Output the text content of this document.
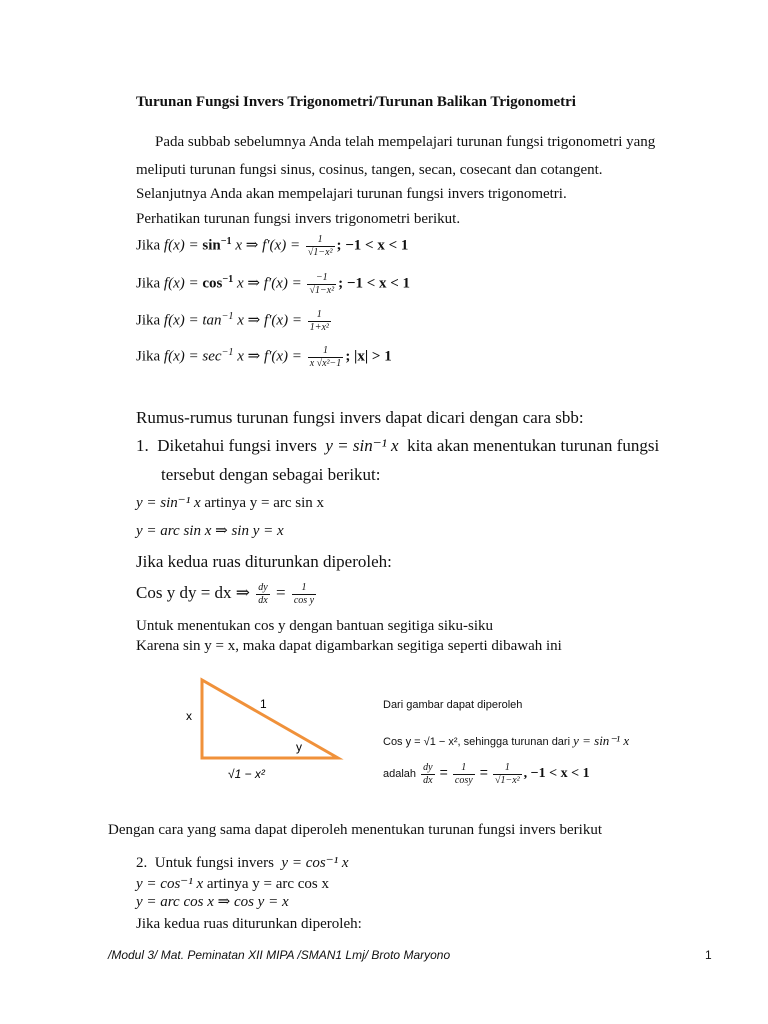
Turunan Fungsi Invers Trigonometri/Turunan Balikan Trigonometri
Pada subbab sebelumnya Anda telah mempelajari turunan fungsi trigonometri yang
meliputi turunan fungsi sinus, cosinus, tangen, secan, cosecant dan cotangent.
Selanjutnya Anda akan mempelajari turunan fungsi invers trigonometri.
Perhatikan turunan fungsi invers trigonometri berikut.
Jika $f(x) = \sin^{-1} x$ ⇒ $f'(x) = \frac{1}{\text{√1−x²}}$ ; −1 < x < 1
Jika $f(x) = \cos^{-1} x$ ⇒ $f'(x) = \frac{-1}{\text{√1−x²}}$ ; −1 < x < 1
Jika $f(x) = \tan^{-1} x$ ⇒ $f'(x) = \frac{1}{\text{1+x²}}$
Jika $f(x) = \sec^{-1} x$ ⇒ $f'(x) = \frac{1}{\text{x √x²−1}}$ ; |x| > 1
Rumus-rumus turunan fungsi invers dapat dicari dengan cara sbb:
1. Diketahui fungsi invers y = sin⁻¹ x kita akan menentukan turunan fungsi
tersebut dengan sebagai berikut:
y = sin⁻¹ x artinya y = arc sin x
y = arc sin x ⇒ sin y = x
Jika kedua ruas diturunkan diperoleh:
Cos y dy = dx ⇒ $\frac{dy}{dx} = \frac{1}{\text{cos y}}$
Untuk menentukan cos y dengan bantuan segitiga siku-siku
Karena sin y = x, maka dapat digambarkan segitiga seperti dibawah ini
x
1
y
√1 − x²
Dari gambar dapat diperoleh
Cos y = √1 − x², sehingga turunan dari y = sin⁻¹ x
adalah $\frac{dy}{dx} = \frac{1}{\cos y} = \frac{1}{\text{√1−x²}}$ , −1 < x < 1
Dengan cara yang sama dapat diperoleh menentukan turunan fungsi invers berikut
2. Untuk fungsi invers y = cos⁻¹ x
y = cos⁻¹ x artinya y = arc cos x
y = arc cos x ⇒ cos y = x
Jika kedua ruas diturunkan diperoleh:
/Modul 3/ Mat. Peminatan XII MIPA /SMAN1 Lmj/ Broto Maryono	1
